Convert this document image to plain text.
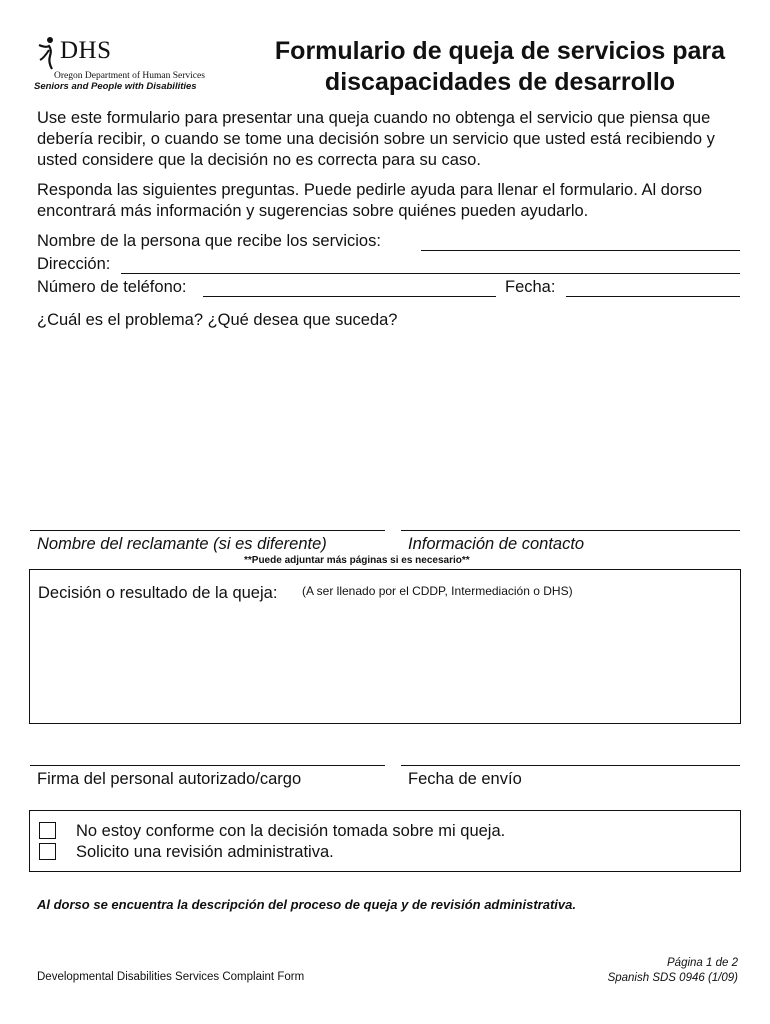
DHS
Oregon Department of Human Services
Seniors and People with Disabilities
Formulario de queja de servicios para
discapacidades de desarrollo
Use este formulario para presentar una queja cuando no obtenga el servicio que piensa que debería recibir, o cuando se tome una decisión sobre un servicio que usted está recibiendo y usted considere que la decisión no es correcta para su caso.
Responda las siguientes preguntas. Puede pedirle ayuda para llenar el formulario. Al dorso encontrará más información y sugerencias sobre quiénes pueden ayudarlo.
Nombre de la persona que recibe los servicios:
Dirección:
Número de teléfono:	Fecha:
¿Cuál es el problema? ¿Qué desea que suceda?
Nombre del reclamante (si es diferente)	Información de contacto
**Puede adjuntar más páginas si es necesario**
Decisión o resultado de la queja: (A ser llenado por el CDDP, Intermediación o DHS)
Firma del personal autorizado/cargo	Fecha de envío
No estoy conforme con la decisión tomada sobre mi queja.
Solicito una revisión administrativa.
Al dorso se encuentra la descripción del proceso de queja y de revisión administrativa.
Developmental Disabilities Services Complaint Form
Página 1 de 2
Spanish SDS 0946 (1/09)
